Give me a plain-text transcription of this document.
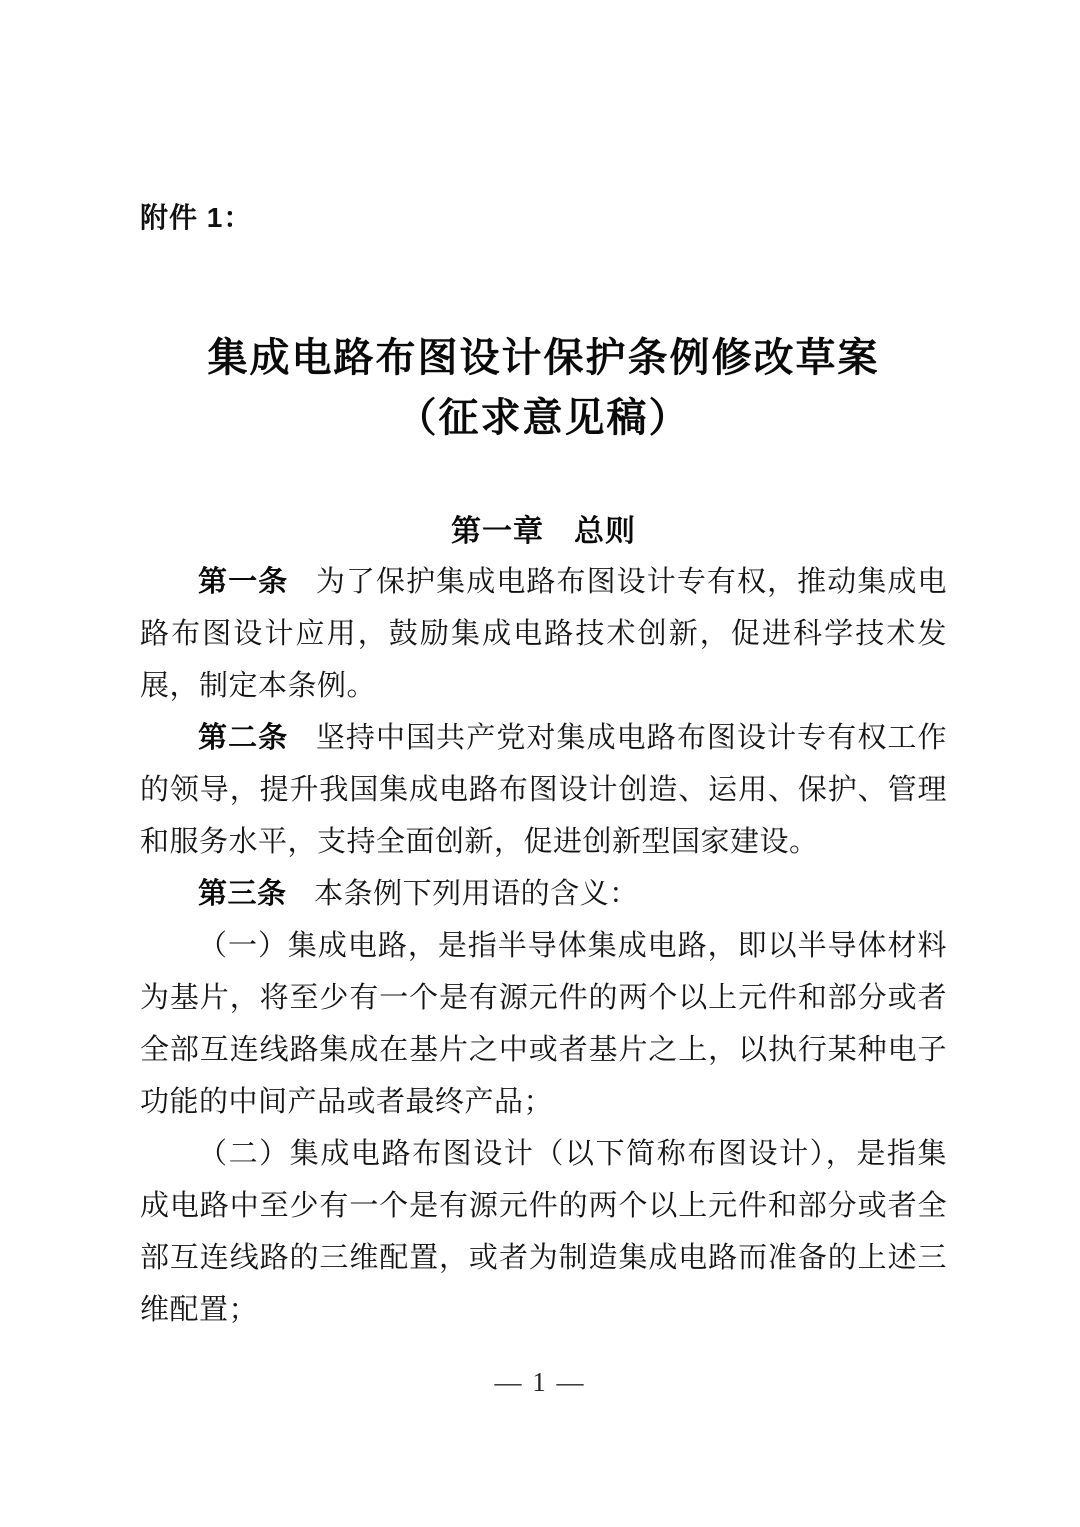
附件 1：
集成电路布图设计保护条例修改草案
（征求意见稿）
第一章 总则

第一条 为了保护集成电路布图设计专有权，推动集成电路布图设计应用，鼓励集成电路技术创新，促进科学技术发展，制定本条例。

第二条 坚持中国共产党对集成电路布图设计专有权工作的领导，提升我国集成电路布图设计创造、运用、保护、管理和服务水平，支持全面创新，促进创新型国家建设。

第三条 本条例下列用语的含义：

（一）集成电路，是指半导体集成电路，即以半导体材料为基片，将至少有一个是有源元件的两个以上元件和部分或者全部互连线路集成在基片之中或者基片之上，以执行某种电子功能的中间产品或者最终产品；

（二）集成电路布图设计（以下简称布图设计），是指集成电路中至少有一个是有源元件的两个以上元件和部分或者全部互连线路的三维配置，或者为制造集成电路而准备的上述三维配置；

— 1 —
